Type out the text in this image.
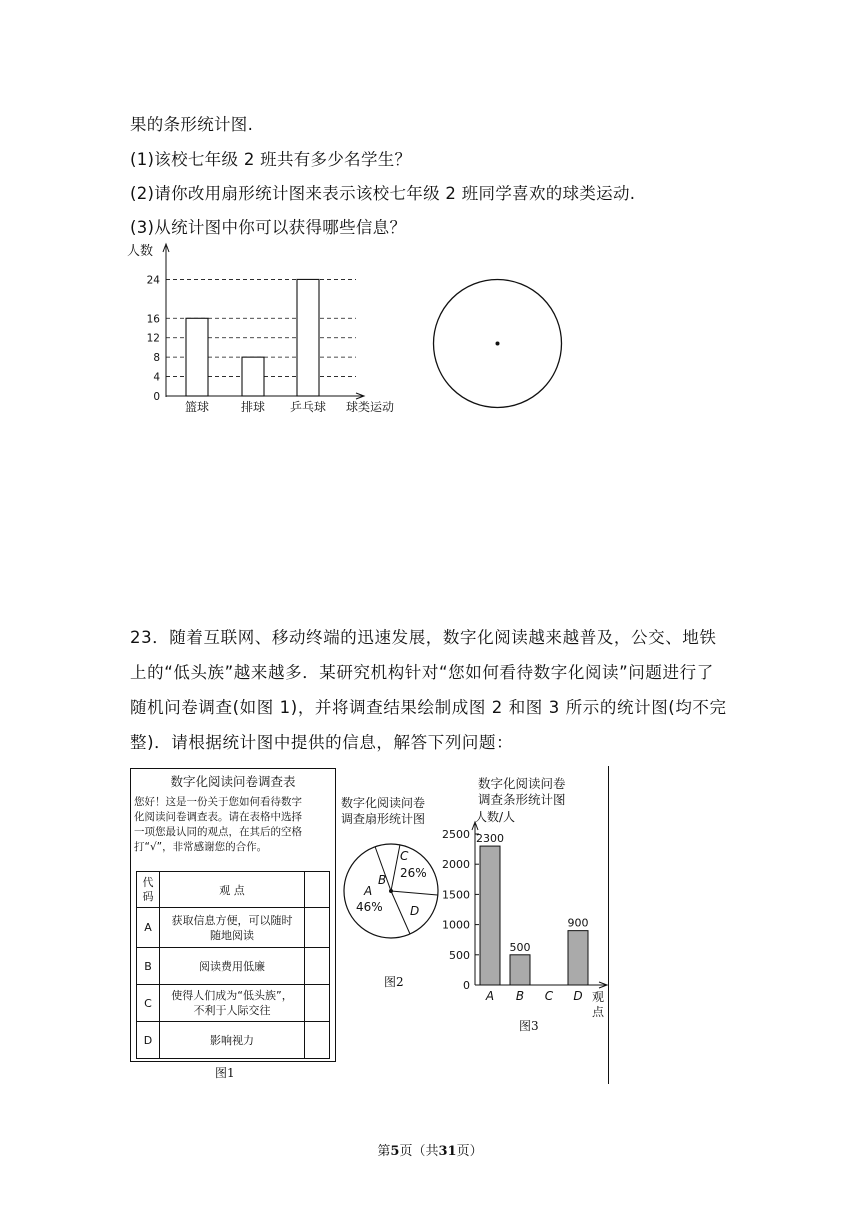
果的条形统计图.
(1)该校七年级 2 班共有多少名学生？
(2)请你改用扇形统计图来表示该校七年级 2 班同学喜欢的球类运动.
(3)从统计图中你可以获得哪些信息？
人数
球类运动
0
4
8
12
16
24
篮球	排球 乒乓球
23．随着互联网、移动终端的迅速发展，数字化阅读越来越普及，公交、地铁上的“低头族”越来越多．某研究机构针对“您如何看待数字化阅读”问题进行了随机问卷调查(如图 1)，并将调查结果绘制成图 2 和图 3 所示的统计图(均不完整)．请根据统计图中提供的信息，解答下列问题：
数字化阅读问卷调查表
您好！这是一份关于您如何看待数字
化阅读问卷调查表。请在表格中选择
一项您最认同的观点，在其后的空格
打“√”，非常感谢您的合作。
代
码	观 点	
A	获取信息方便，可以随时
随地阅读	

B	阅读费用低廉	
C	使得人们成为“低头族”，
不利于人际交往	

D	影响视力	
图1
数字化阅读问卷
调查扇形统计图
A
46%
B
C
26%
D
图2
数字化阅读问卷
调查条形统计图
人数/人
观
点
0
500
1000
1500
2000
2500 2300
A
500
B C
900
D
图3
第5页（共31页）
